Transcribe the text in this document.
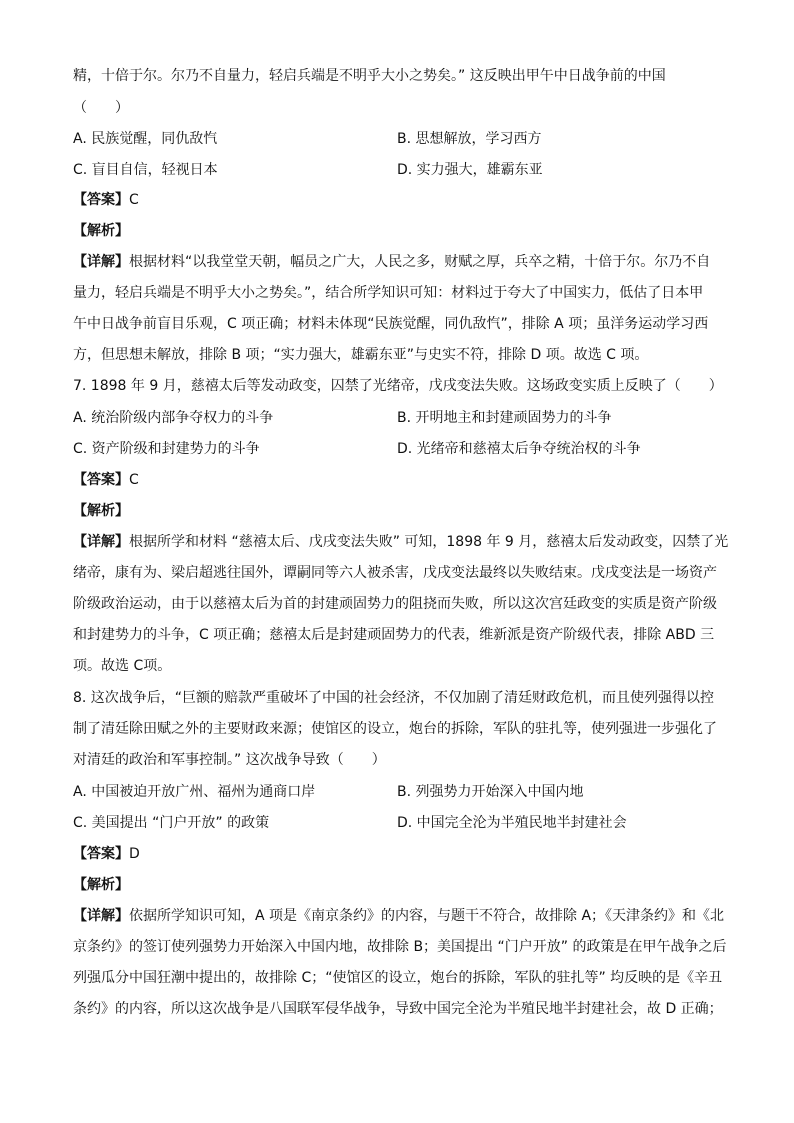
精，十倍于尔。尔乃不自量力，轻启兵端是不明乎大小之势矣。” 这反映出甲午中日战争前的中国
（　　）
A. 民族觉醒，同仇敌忾	B. 思想解放，学习西方
C. 盲目自信，轻视日本	D. 实力强大，雄霸东亚
【答案】C
【解析】
【详解】根据材料“以我堂堂天朝，幅员之广大，人民之多，财赋之厚，兵卒之精，十倍于尔。尔乃不自
量力，轻启兵端是不明乎大小之势矣。”，结合所学知识可知：材料过于夸大了中国实力，低估了日本甲
午中日战争前盲目乐观，C 项正确；材料未体现“民族觉醒，同仇敌忾”，排除 A 项；虽洋务运动学习西
方，但思想未解放，排除 B 项；“实力强大，雄霸东亚”与史实不符，排除 D 项。故选 C 项。
7. 1898 年 9 月，慈禧太后等发动政变，囚禁了光绪帝，戊戌变法失败。这场政变实质上反映了（　　）
A. 统治阶级内部争夺权力的斗争	B. 开明地主和封建顽固势力的斗争
C. 资产阶级和封建势力的斗争	D. 光绪帝和慈禧太后争夺统治权的斗争
【答案】C
【解析】
【详解】根据所学和材料 “慈禧太后、戊戌变法失败” 可知，1898 年 9 月，慈禧太后发动政变，囚禁了光
绪帝，康有为、梁启超逃往国外，谭嗣同等六人被杀害，戊戌变法最终以失败结束。戊戌变法是一场资产
阶级政治运动，由于以慈禧太后为首的封建顽固势力的阻挠而失败，所以这次宫廷政变的实质是资产阶级
和封建势力的斗争，C 项正确；慈禧太后是封建顽固势力的代表，维新派是资产阶级代表，排除 ABD 三
项。故选 C项。
8. 这次战争后，“巨额的赔款严重破坏了中国的社会经济，不仅加剧了清廷财政危机，而且使列强得以控
制了清廷除田赋之外的主要财政来源；使馆区的设立，炮台的拆除，军队的驻扎等，使列强进一步强化了
对清廷的政治和军事控制。” 这次战争导致（　　）
A. 中国被迫开放广州、福州为通商口岸	B. 列强势力开始深入中国内地
C. 美国提出 “门户开放” 的政策	D. 中国完全沦为半殖民地半封建社会
【答案】D
【解析】
【详解】依据所学知识可知，A 项是《南京条约》的内容，与题干不符合，故排除 A；《天津条约》和《北
京条约》的签订使列强势力开始深入中国内地，故排除 B；美国提出 “门户开放” 的政策是在甲午战争之后
列强瓜分中国狂潮中提出的，故排除 C；“使馆区的设立，炮台的拆除，军队的驻扎等” 均反映的是《辛丑
条约》的内容，所以这次战争是八国联军侵华战争，导致中国完全沦为半殖民地半封建社会，故 D 正确；
